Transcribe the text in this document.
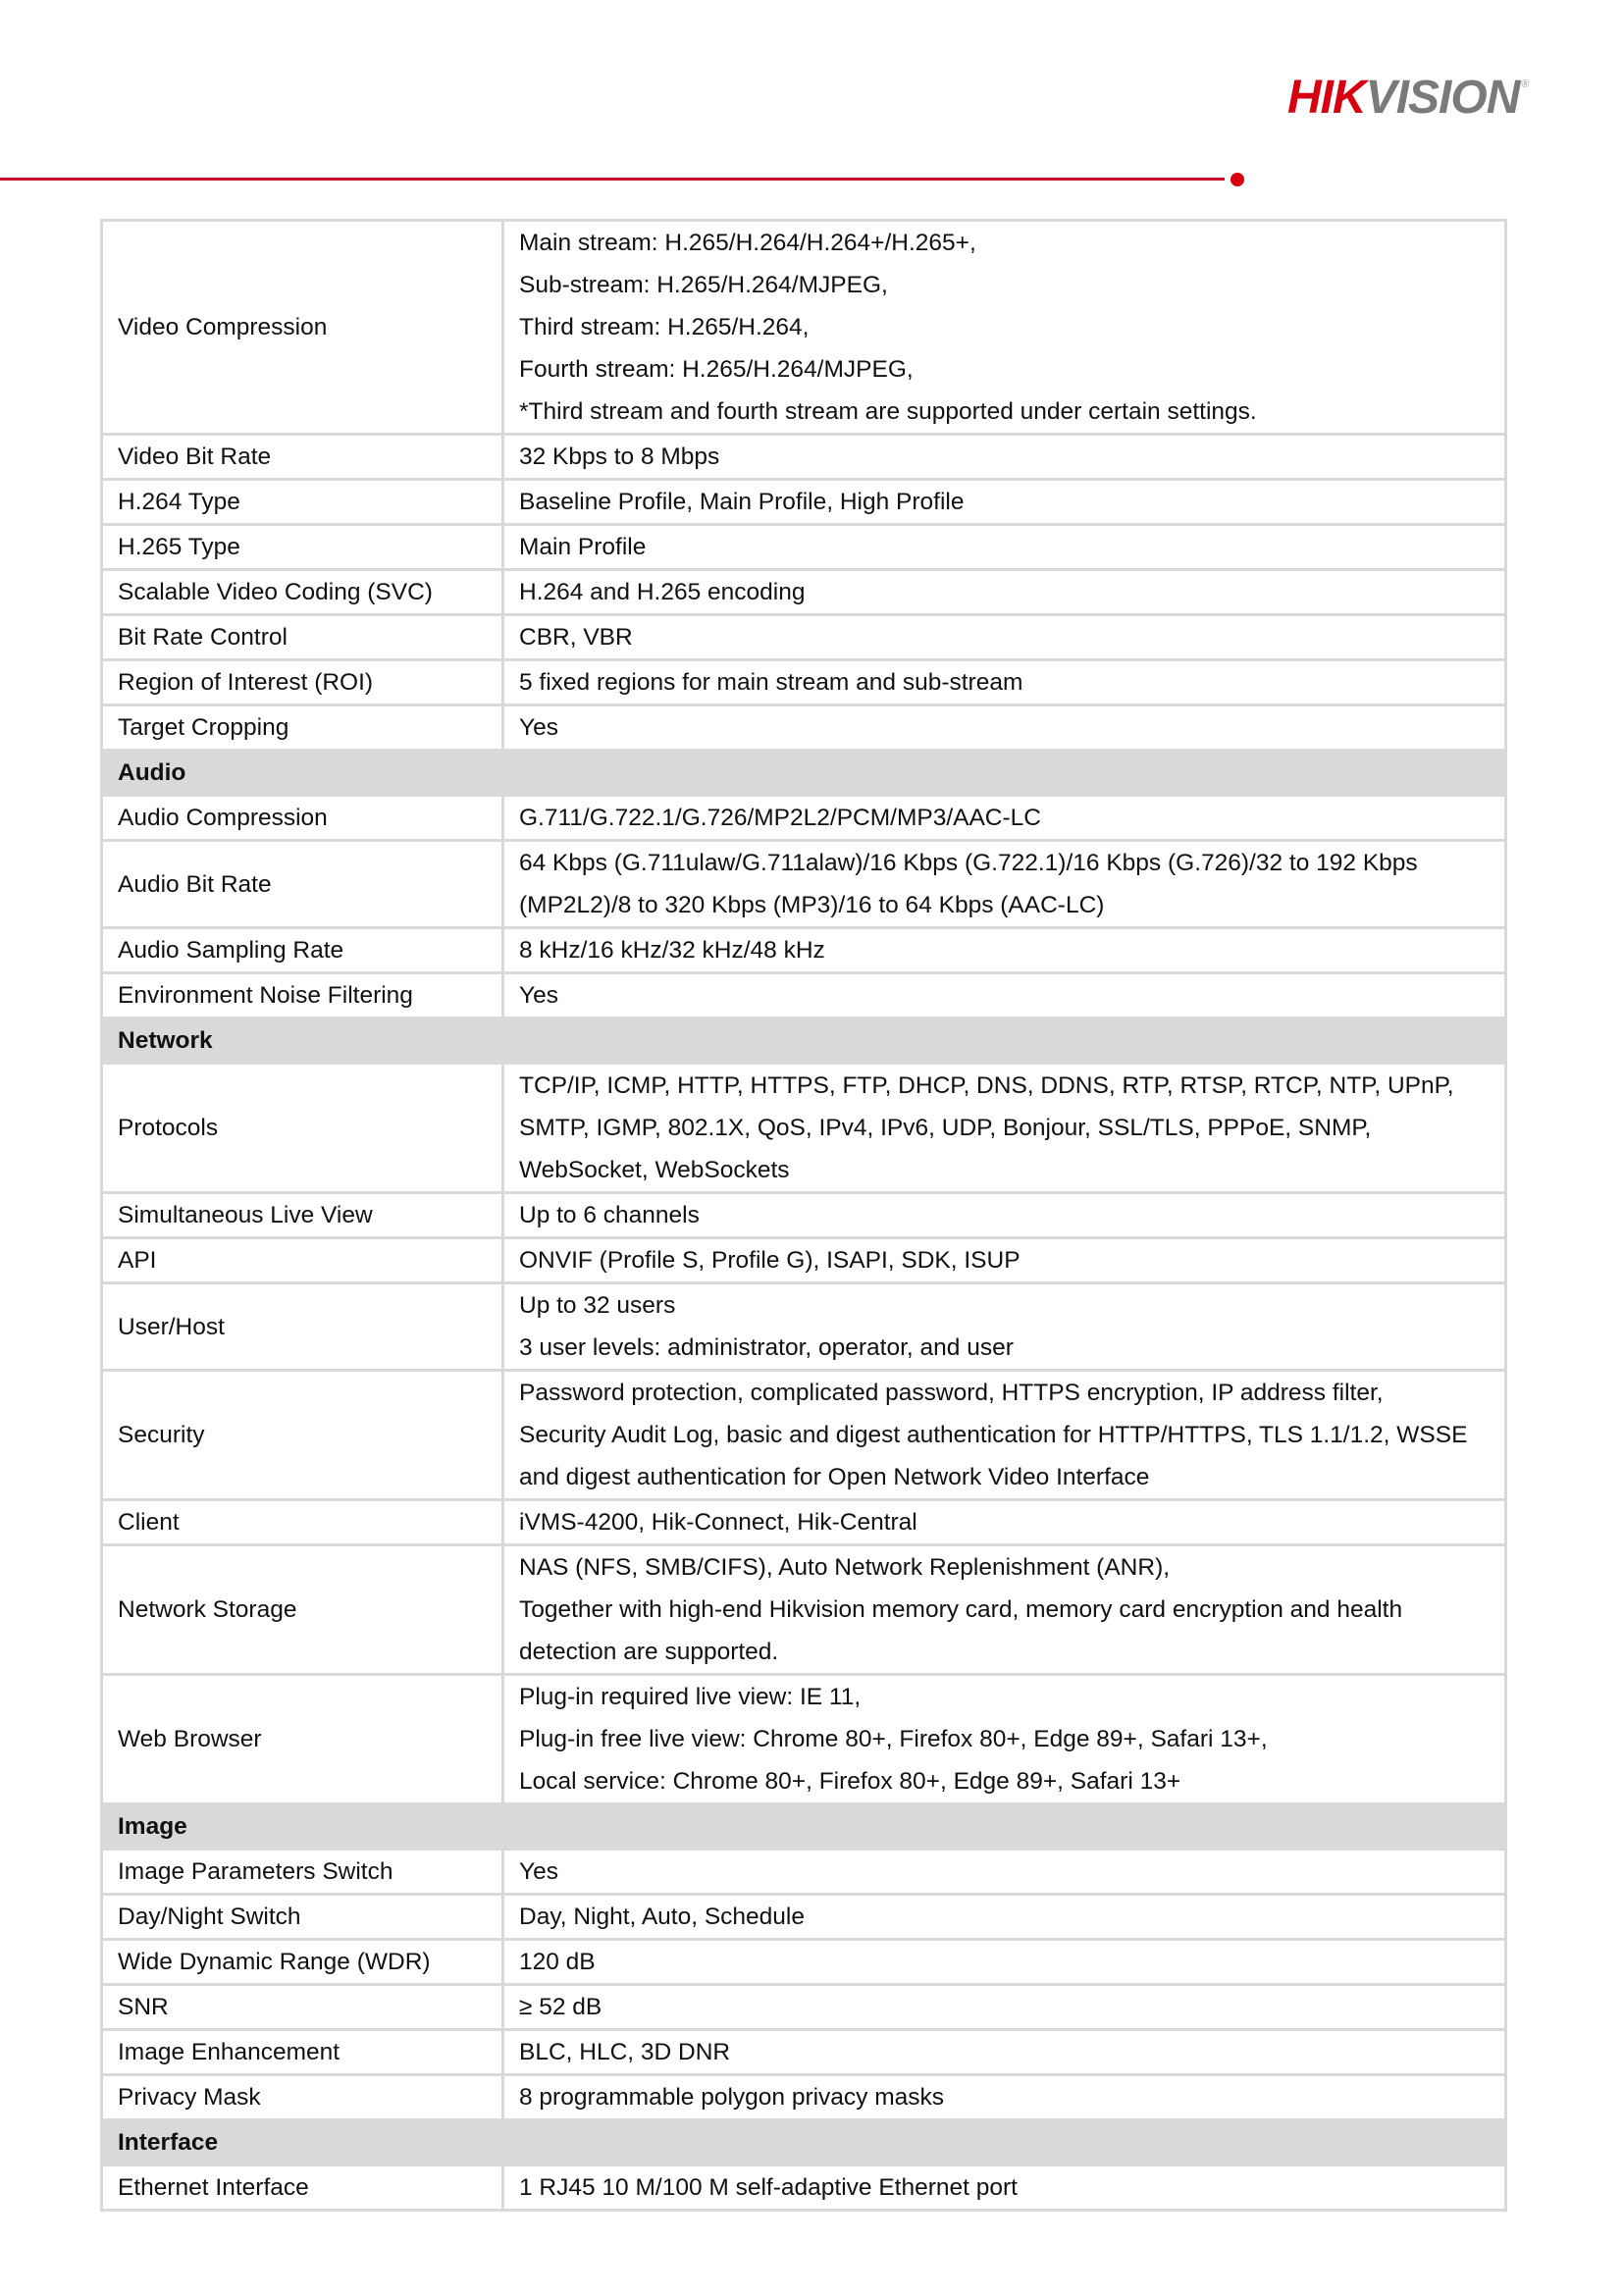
HIKVISION ®
Video Compression	Main stream: H.265/H.264/H.264+/H.265+,
Sub-stream: H.265/H.264/MJPEG,
Third stream: H.265/H.264,
Fourth stream: H.265/H.264/MJPEG,
*Third stream and fourth stream are supported under certain settings.

Video Bit Rate	32 Kbps to 8 Mbps

H.264 Type	Baseline Profile, Main Profile, High Profile

H.265 Type	Main Profile

Scalable Video Coding (SVC)	H.264 and H.265 encoding

Bit Rate Control	CBR, VBR

Region of Interest (ROI)	5 fixed regions for main stream and sub-stream

Target Cropping	Yes

Audio	
Audio Compression	G.711/G.722.1/G.726/MP2L2/PCM/MP3/AAC-LC

Audio Bit Rate	64 Kbps (G.711ulaw/G.711alaw)/16 Kbps (G.722.1)/16 Kbps (G.726)/32 to 192 Kbps
(MP2L2)/8 to 320 Kbps (MP3)/16 to 64 Kbps (AAC-LC)

Audio Sampling Rate	8 kHz/16 kHz/32 kHz/48 kHz

Environment Noise Filtering	Yes

Network	
Protocols	TCP/IP, ICMP, HTTP, HTTPS, FTP, DHCP, DNS, DDNS, RTP, RTSP, RTCP, NTP, UPnP,
SMTP, IGMP, 802.1X, QoS, IPv4, IPv6, UDP, Bonjour, SSL/TLS, PPPoE, SNMP,
WebSocket, WebSockets

Simultaneous Live View	Up to 6 channels

API	ONVIF (Profile S, Profile G), ISAPI, SDK, ISUP

User/Host	Up to 32 users
3 user levels: administrator, operator, and user

Security	Password protection, complicated password, HTTPS encryption, IP address filter,
Security Audit Log, basic and digest authentication for HTTP/HTTPS, TLS 1.1/1.2, WSSE
and digest authentication for Open Network Video Interface

Client	iVMS-4200, Hik-Connect, Hik-Central

Network Storage	NAS (NFS, SMB/CIFS), Auto Network Replenishment (ANR),
Together with high-end Hikvision memory card, memory card encryption and health
detection are supported.

Web Browser	Plug-in required live view: IE 11,
Plug-in free live view: Chrome 80+, Firefox 80+, Edge 89+, Safari 13+,
Local service: Chrome 80+, Firefox 80+, Edge 89+, Safari 13+

Image	
Image Parameters Switch	Yes

Day/Night Switch	Day, Night, Auto, Schedule

Wide Dynamic Range (WDR)	120 dB

SNR	≥ 52 dB

Image Enhancement	BLC, HLC, 3D DNR

Privacy Mask	8 programmable polygon privacy masks

Interface	
Ethernet Interface	1 RJ45 10 M/100 M self-adaptive Ethernet port
